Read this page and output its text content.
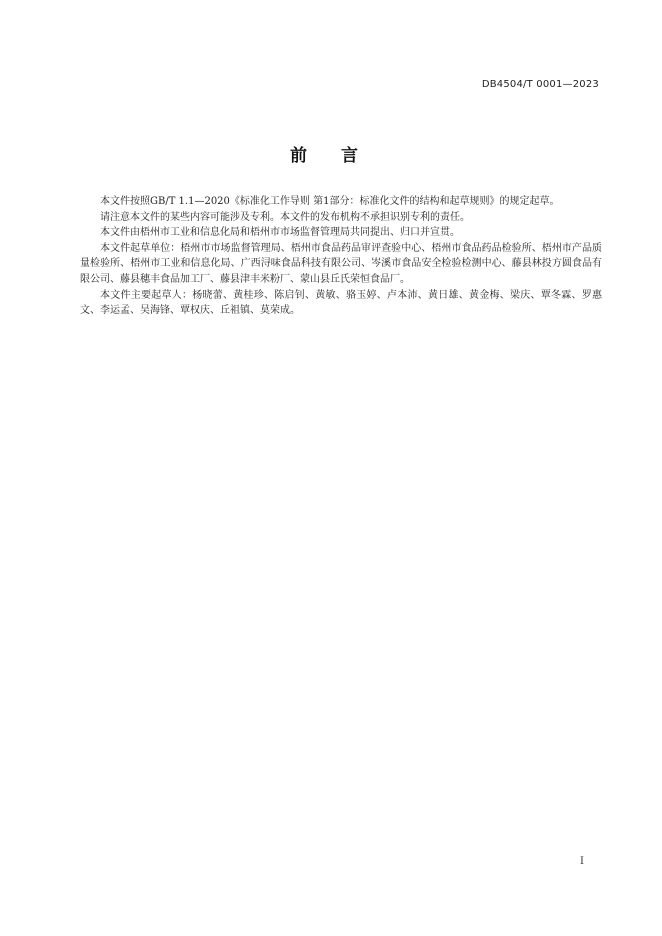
DB4504/T 0001—2023
前 言

本文件按照GB/T 1.1—2020《标准化工作导则 第1部分：标准化文件的结构和起草规则》的规定起草。

请注意本文件的某些内容可能涉及专利。本文件的发布机构不承担识别专利的责任。

本文件由梧州市工业和信息化局和梧州市市场监督管理局共同提出、归口并宣贯。

本文件起草单位：梧州市市场监督管理局、梧州市食品药品审评查验中心、梧州市食品药品检验所、梧州市产品质量检验所、梧州市工业和信息化局、广西浔味食品科技有限公司、岑溪市食品安全检验检测中心、藤县林投方圆食品有限公司、藤县穗丰食品加工厂、藤县津丰米粉厂、蒙山县丘氏荣恒食品厂。

本文件主要起草人：杨晓蕾、黄桂珍、陈启钊、黄敏、骆玉婷、卢本沛、黄日雄、黄金梅、梁庆、覃冬霖、罗惠文、李运孟、吴海锋、覃权庆、丘祖镇、莫荣成。

I
